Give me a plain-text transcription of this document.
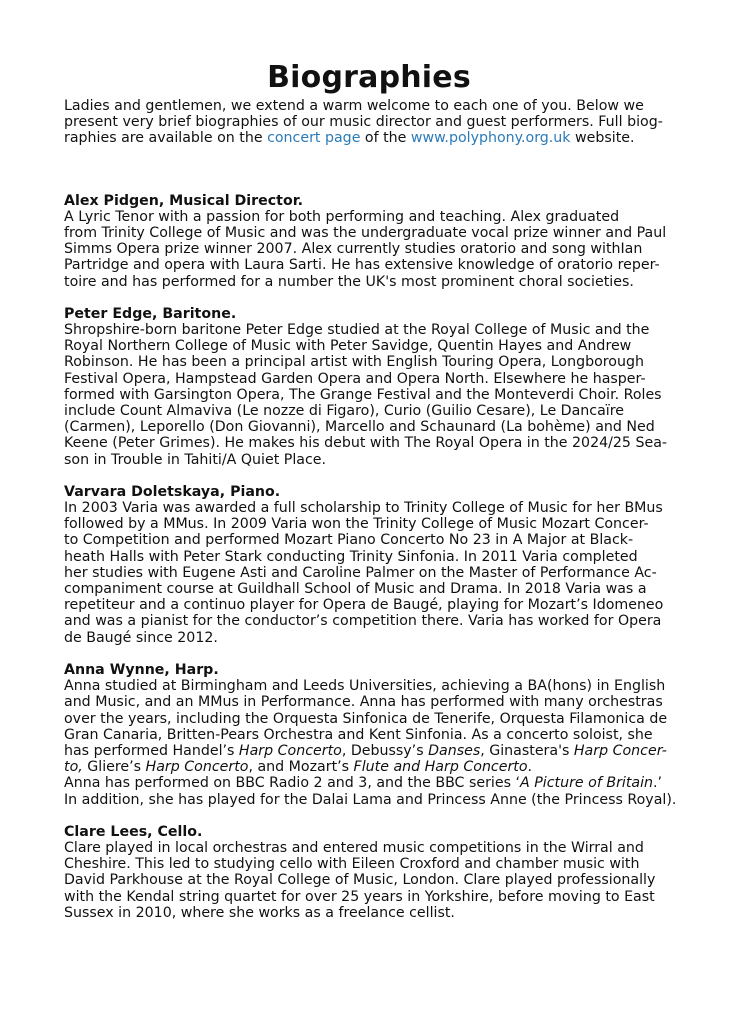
Biographies
Ladies and gentlemen, we extend a warm welcome to each one of you. Below we
present very brief biographies of our music director and guest performers. Full biog-
raphies are available on the concert page of the www.polyphony.org.uk website.
Alex Pidgen, Musical Director.
A Lyric Tenor with a passion for both performing and teaching. Alex graduated
from Trinity College of Music and was the undergraduate vocal prize winner and Paul
Simms Opera prize winner 2007. Alex currently studies oratorio and song withIan
Partridge and opera with Laura Sarti. He has extensive knowledge of oratorio reper-
toire and has performed for a number the UK's most prominent choral societies.
Peter Edge, Baritone.
Shropshire-born baritone Peter Edge studied at the Royal College of Music and the
Royal Northern College of Music with Peter Savidge, Quentin Hayes and Andrew
Robinson. He has been a principal artist with English Touring Opera, Longborough
Festival Opera, Hampstead Garden Opera and Opera North. Elsewhere he hasper-
formed with Garsington Opera, The Grange Festival and the Monteverdi Choir. Roles
include Count Almaviva (Le nozze di Figaro), Curio (Guilio Cesare), Le Dancaïre
(Carmen), Leporello (Don Giovanni), Marcello and Schaunard (La bohème) and Ned
Keene (Peter Grimes). He makes his debut with The Royal Opera in the 2024/25 Sea-
son in Trouble in Tahiti/A Quiet Place.
Varvara Doletskaya, Piano.
In 2003 Varia was awarded a full scholarship to Trinity College of Music for her BMus
followed by a MMus. In 2009 Varia won the Trinity College of Music Mozart Concer-
to Competition and performed Mozart Piano Concerto No 23 in A Major at Black-
heath Halls with Peter Stark conducting Trinity Sinfonia. In 2011 Varia completed
her studies with Eugene Asti and Caroline Palmer on the Master of Performance Ac-
companiment course at Guildhall School of Music and Drama. In 2018 Varia was a
repetiteur and a continuo player for Opera de Baugé, playing for Mozart’s Idomeneo
and was a pianist for the conductor’s competition there. Varia has worked for Opera
de Baugé since 2012.
Anna Wynne, Harp.
Anna studied at Birmingham and Leeds Universities, achieving a BA(hons) in English
and Music, and an MMus in Performance. Anna has performed with many orchestras
over the years, including the Orquesta Sinfonica de Tenerife, Orquesta Filamonica de
Gran Canaria, Britten-Pears Orchestra and Kent Sinfonia. As a concerto soloist, she
has performed Handel’s Harp Concerto, Debussy’s Danses, Ginastera's Harp Concer-
to, Gliere’s Harp Concerto, and Mozart’s Flute and Harp Concerto.
Anna has performed on BBC Radio 2 and 3, and the BBC series ‘A Picture of Britain.’
In addition, she has played for the Dalai Lama and Princess Anne (the Princess Royal).
Clare Lees, Cello.
Clare played in local orchestras and entered music competitions in the Wirral and
Cheshire. This led to studying cello with Eileen Croxford and chamber music with
David Parkhouse at the Royal College of Music, London. Clare played professionally
with the Kendal string quartet for over 25 years in Yorkshire, before moving to East
Sussex in 2010, where she works as a freelance cellist.
